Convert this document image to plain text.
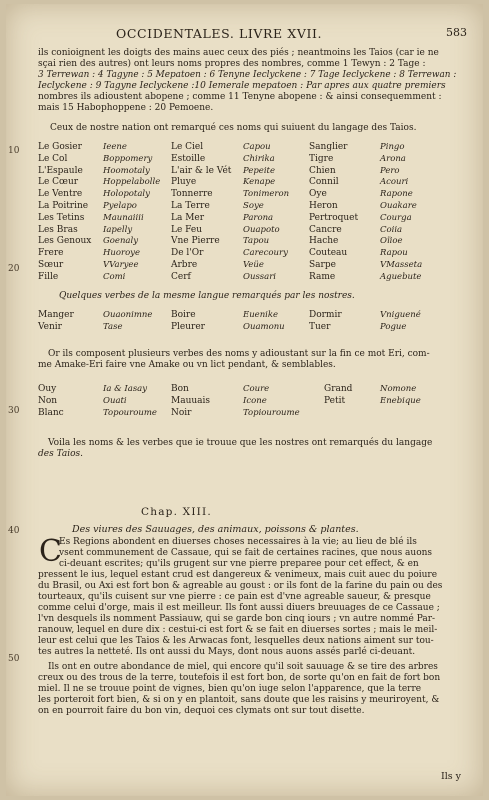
OCCIDENTALES. LIVRE XVII.	583
ils conioignent les doigts des mains auec ceux des piés ; neantmoins les Taios (car ie ne
sçai rien des autres) ont leurs noms propres des nombres, comme 1 Tewyn : 2 Tage :
3 Terrewan : 4 Tagyne : 5 Mepatoen : 6 Tenyne Ieclyckene : 7 Tage Ieclyckene : 8 Terrewan :
Ieclyckene : 9 Tagyne Ieclyckene :10 Iemerale mepatoen : Par apres aux quatre premiers
nombres ils adioustent abopene ; comme 11 Tenyne abopene : & ainsi consequemment :
mais 15 Habophoppene : 20 Pemoene.
Ceux de nostre nation ont remarqué ces noms qui suiuent du langage des Taios.
Le Gosier
Le Col
L'Espaule
Le Cœur
Le Ventre
La Poitrine
Les Tetins
Les Bras
Les Genoux
Frere
Sœur
Fille
Ieene
Boppomery
Hoomotaly
Hoppelabolle
Holopotaly
Pyelapo
Maunaiiii
Iapelly
Goenaly
Huoroye
VVaryee
Comi
Le Ciel
Estoille
L'air & le Vét
Pluye
Tonnerre
La Terre
La Mer
Le Feu
Vne Pierre
De l'Or
Arbre
Cerf
Capou
Chirika
Pepeite
Kenape
Tonimeron
Soye
Parona
Ouapoto
Tapou
Carecoury
Veüe
Oussari
Sanglier
Tigre
Chien
Connil
Oye
Heron
Pertroquet
Cancre
Hache
Couteau
Sarpe
Rame
Pingo
Arona
Pero
Acouri
Rapone
Ouakare
Courga
Coiia
Oïioe
Rapou
VMasseta
Aguebute
10
20
30
40
50
Quelques verbes de la mesme langue remarqués par les nostres.
Manger
Venir
Ouaonimne
Tase
Boire
Pleurer
Euenike
Ouamonu
Dormir
Tuer
Vniguené
Pogue
Or ils composent plusieurs verbes des noms y adioustant sur la fin ce mot Eri, com-
me Amake-Eri faire vne Amake ou vn lict pendant, & semblables.
Ouy
Non
Blanc
Ia & Iasay
Ouati
Topouroume
Bon
Mauuais
Noir
Coure
Icone
Topiouroume
Grand
Petit
Nomone
Enebique
Voila les noms & les verbes que ie trouue que les nostres ont remarqués du langage
des Taios.
Chap. XIII.
Des viures des Sauuages, des animaux, poissons & plantes.
C
Es Regions abondent en diuerses choses necessaires à la vie; au lieu de blé ils
vsent communement de Cassaue, qui se fait de certaines racines, que nous auons
ci-deuant escrites; qu'ils grugent sur vne pierre preparee pour cet effect, & en
pressent le ius, lequel estant crud est dangereux & venimeux, mais cuit auec du poiure
du Brasil, ou Axi est fort bon & agreable au goust : or ils font de la farine du pain ou des
tourteaux, qu'ils cuisent sur vne pierre : ce pain est d'vne agreable saueur, & presque
comme celui d'orge, mais il est meilleur. Ils font aussi diuers breuuages de ce Cassaue ;
l'vn desquels ils nomment Passiauw, qui se garde bon cinq iours ; vn autre nommé Par-
ranouw, lequel en dure dix : cestui-ci est fort & se fait en diuerses sortes ; mais le meil-
leur est celui que les Taios & les Arwacas font, lesquelles deux nations aiment sur tou-
tes autres la netteté. Ils ont aussi du Mays, dont nous auons assés parlé ci-deuant.
Ils ont en outre abondance de miel, qui encore qu'il soit sauuage & se tire des arbres
creux ou des trous de la terre, toutefois il est fort bon, de sorte qu'on en fait de fort bon
miel. Il ne se trouue point de vignes, bien qu'on iuge selon l'apparence, que la terre
les porteroit fort bien, & si on y en plantoit, sans doute que les raisins y meuriroyent, &
on en pourroit faire du bon vin, dequoi ces clymats ont sur tout disette.
Ils y
